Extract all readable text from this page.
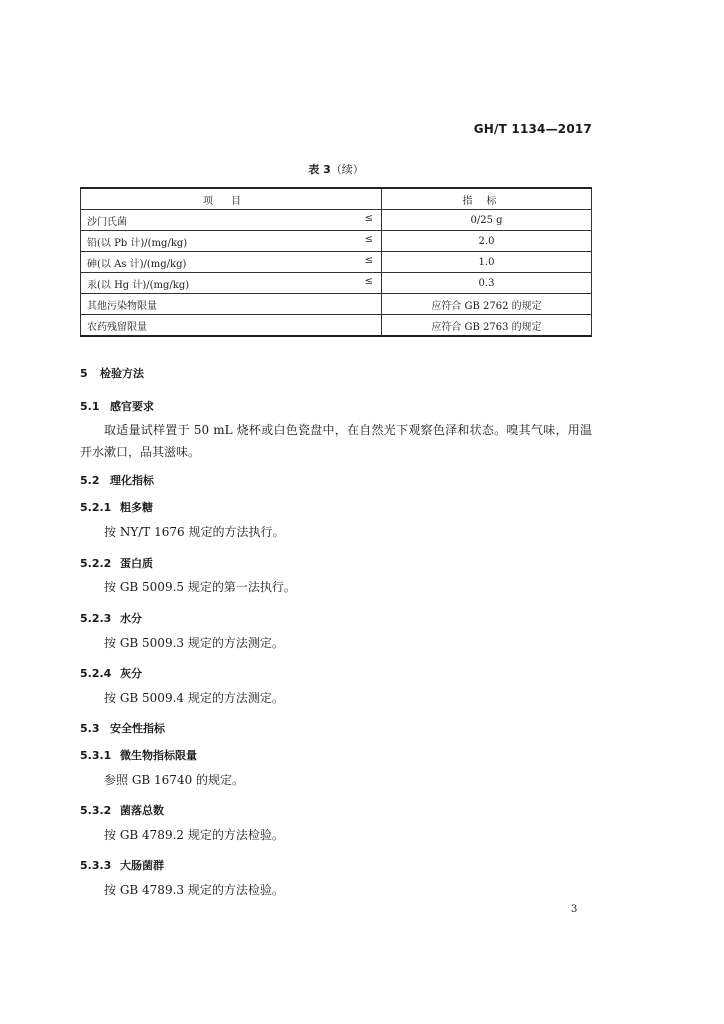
GH/T 1134—2017
表 3（续）
项目	指标
沙门氏菌 ≤	0/25 g
铅(以 Pb 计)/(mg/kg) ≤	2.0
砷(以 As 计)/(mg/kg) ≤	1.0
汞(以 Hg 计)/(mg/kg) ≤	0.3
其他污染物限量	应符合 GB 2762 的规定
农药残留限量	应符合 GB 2763 的规定
5 检验方法
5.1 感官要求
取适量试样置于 50 mL 烧杯或白色瓷盘中，在自然光下观察色泽和状态。嗅其气味，用温开水漱口，品其滋味。
5.2 理化指标
5.2.1 粗多糖
按 NY/T 1676 规定的方法执行。
5.2.2 蛋白质
按 GB 5009.5 规定的第一法执行。
5.2.3 水分
按 GB 5009.3 规定的方法测定。
5.2.4 灰分
按 GB 5009.4 规定的方法测定。
5.3 安全性指标
5.3.1 微生物指标限量
参照 GB 16740 的规定。
5.3.2 菌落总数
按 GB 4789.2 规定的方法检验。
5.3.3 大肠菌群
按 GB 4789.3 规定的方法检验。
3
